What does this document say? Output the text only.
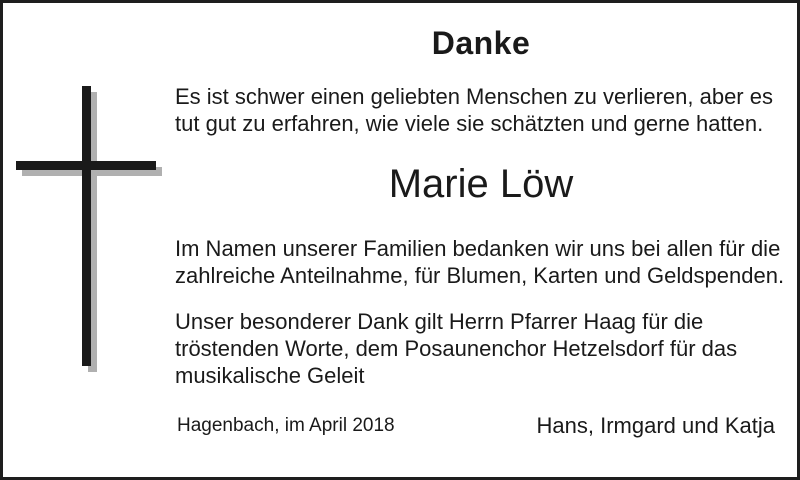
Danke
Es ist schwer einen geliebten Menschen zu verlieren, aber es
tut gut zu erfahren, wie viele sie schätzten und gerne hatten.
Marie Löw
Im Namen unserer Familien bedanken wir uns bei allen für die
zahlreiche Anteilnahme, für Blumen, Karten und Geldspenden.
Unser besonderer Dank gilt Herrn Pfarrer Haag für die
tröstenden Worte, dem Posaunenchor Hetzelsdorf für das
musikalische Geleit
Hagenbach, im April 2018	Hans, Irmgard und Katja
